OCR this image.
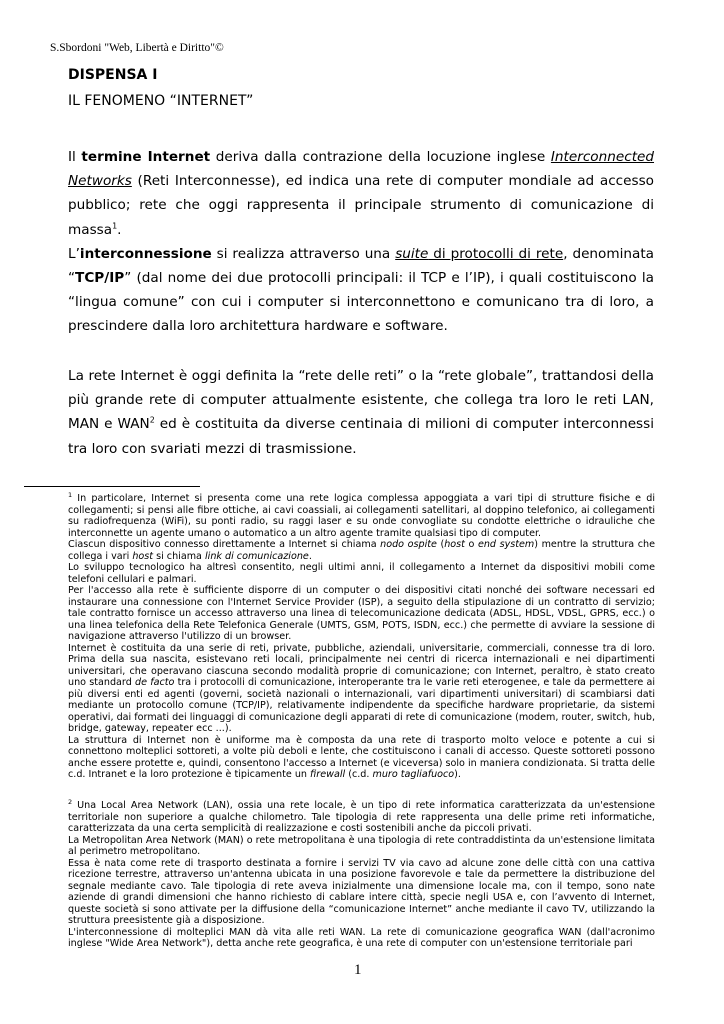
S.Sbordoni "Web, Libertà e Diritto"©
DISPENSA I
IL FENOMENO “INTERNET”

Il termine Internet deriva dalla contrazione della locuzione inglese Interconnected Networks (Reti Interconnesse), ed indica una rete di computer mondiale ad accesso pubblico; rete che oggi rappresenta il principale strumento di comunicazione di massa$^1$.

L’interconnessione si realizza attraverso una suite di protocolli di rete, denominata “TCP/IP” (dal nome dei due protocolli principali: il TCP e l’IP), i quali costituiscono la “lingua comune” con cui i computer si interconnettono e comunicano tra di loro, a prescindere dalla loro architettura hardware e software.

La rete Internet è oggi definita la “rete delle reti” o la “rete globale”, trattandosi della più grande rete di computer attualmente esistente, che collega tra loro le reti LAN, MAN e WAN$^2$ ed è costituita da diverse centinaia di milioni di computer interconnessi tra loro con svariati mezzi di trasmissione.

$^1$ In particolare, Internet si presenta come una rete logica complessa appoggiata a vari tipi di strutture fisiche e di collegamenti; si pensi alle fibre ottiche, ai cavi coassiali, ai collegamenti satellitari, al doppino telefonico, ai collegamenti su radiofrequenza (WiFi), su ponti radio, su raggi laser e su onde convogliate su condotte elettriche o idrauliche che interconnette un agente umano o automatico a un altro agente tramite qualsiasi tipo di computer.

Ciascun dispositivo connesso direttamente a Internet si chiama nodo ospite (host o end system) mentre la struttura che collega i vari host si chiama link di comunicazione.

Lo sviluppo tecnologico ha altresì consentito, negli ultimi anni, il collegamento a Internet da dispositivi mobili come telefoni cellulari e palmari.

Per l'accesso alla rete è sufficiente disporre di un computer o dei dispositivi citati nonché dei software necessari ed instaurare una connessione con l'Internet Service Provider (ISP), a seguito della stipulazione di un contratto di servizio; tale contratto fornisce un accesso attraverso una linea di telecomunicazione dedicata (ADSL, HDSL, VDSL, GPRS, ecc.) o una linea telefonica della Rete Telefonica Generale (UMTS, GSM, POTS, ISDN, ecc.) che permette di avviare la sessione di navigazione attraverso l'utilizzo di un browser.

Internet è costituita da una serie di reti, private, pubbliche, aziendali, universitarie, commerciali, connesse tra di loro. Prima della sua nascita, esistevano reti locali, principalmente nei centri di ricerca internazionali e nei dipartimenti universitari, che operavano ciascuna secondo modalità proprie di comunicazione; con Internet, peraltro, è stato creato uno standard de facto tra i protocolli di comunicazione, interoperante tra le varie reti eterogenee, e tale da permettere ai più diversi enti ed agenti (governi, società nazionali o internazionali, vari dipartimenti universitari) di scambiarsi dati mediante un protocollo comune (TCP/IP), relativamente indipendente da specifiche hardware proprietarie, da sistemi operativi, dai formati dei linguaggi di comunicazione degli apparati di rete di comunicazione (modem, router, switch, hub, bridge, gateway, repeater ecc ...).

La struttura di Internet non è uniforme ma è composta da una rete di trasporto molto veloce e potente a cui si connettono molteplici sottoreti, a volte più deboli e lente, che costituiscono i canali di accesso. Queste sottoreti possono anche essere protette e, quindi, consentono l'accesso a Internet (e viceversa) solo in maniera condizionata. Si tratta delle c.d. Intranet e la loro protezione è tipicamente un firewall (c.d. muro tagliafuoco).

$^2$ Una Local Area Network (LAN), ossia una rete locale, è un tipo di rete informatica caratterizzata da un'estensione territoriale non superiore a qualche chilometro. Tale tipologia di rete rappresenta una delle prime reti informatiche, caratterizzata da una certa semplicità di realizzazione e costi sostenibili anche da piccoli privati.

La Metropolitan Area Network (MAN) o rete metropolitana è una tipologia di rete contraddistinta da un'estensione limitata al perimetro metropolitano.

Essa è nata come rete di trasporto destinata a fornire i servizi TV via cavo ad alcune zone delle città con una cattiva ricezione terrestre, attraverso un'antenna ubicata in una posizione favorevole e tale da permettere la distribuzione del segnale mediante cavo. Tale tipologia di rete aveva inizialmente una dimensione locale ma, con il tempo, sono nate aziende di grandi dimensioni che hanno richiesto di cablare intere città, specie negli USA e, con l’avvento di Internet, queste società si sono attivate per la diffusione della “comunicazione Internet” anche mediante il cavo TV, utilizzando la struttura preesistente già a disposizione.

L'interconnessione di molteplici MAN dà vita alle reti WAN. La rete di comunicazione geografica WAN (dall'acronimo inglese "Wide Area Network"), detta anche rete geografica, è una rete di computer con un'estensione territoriale pari

1
